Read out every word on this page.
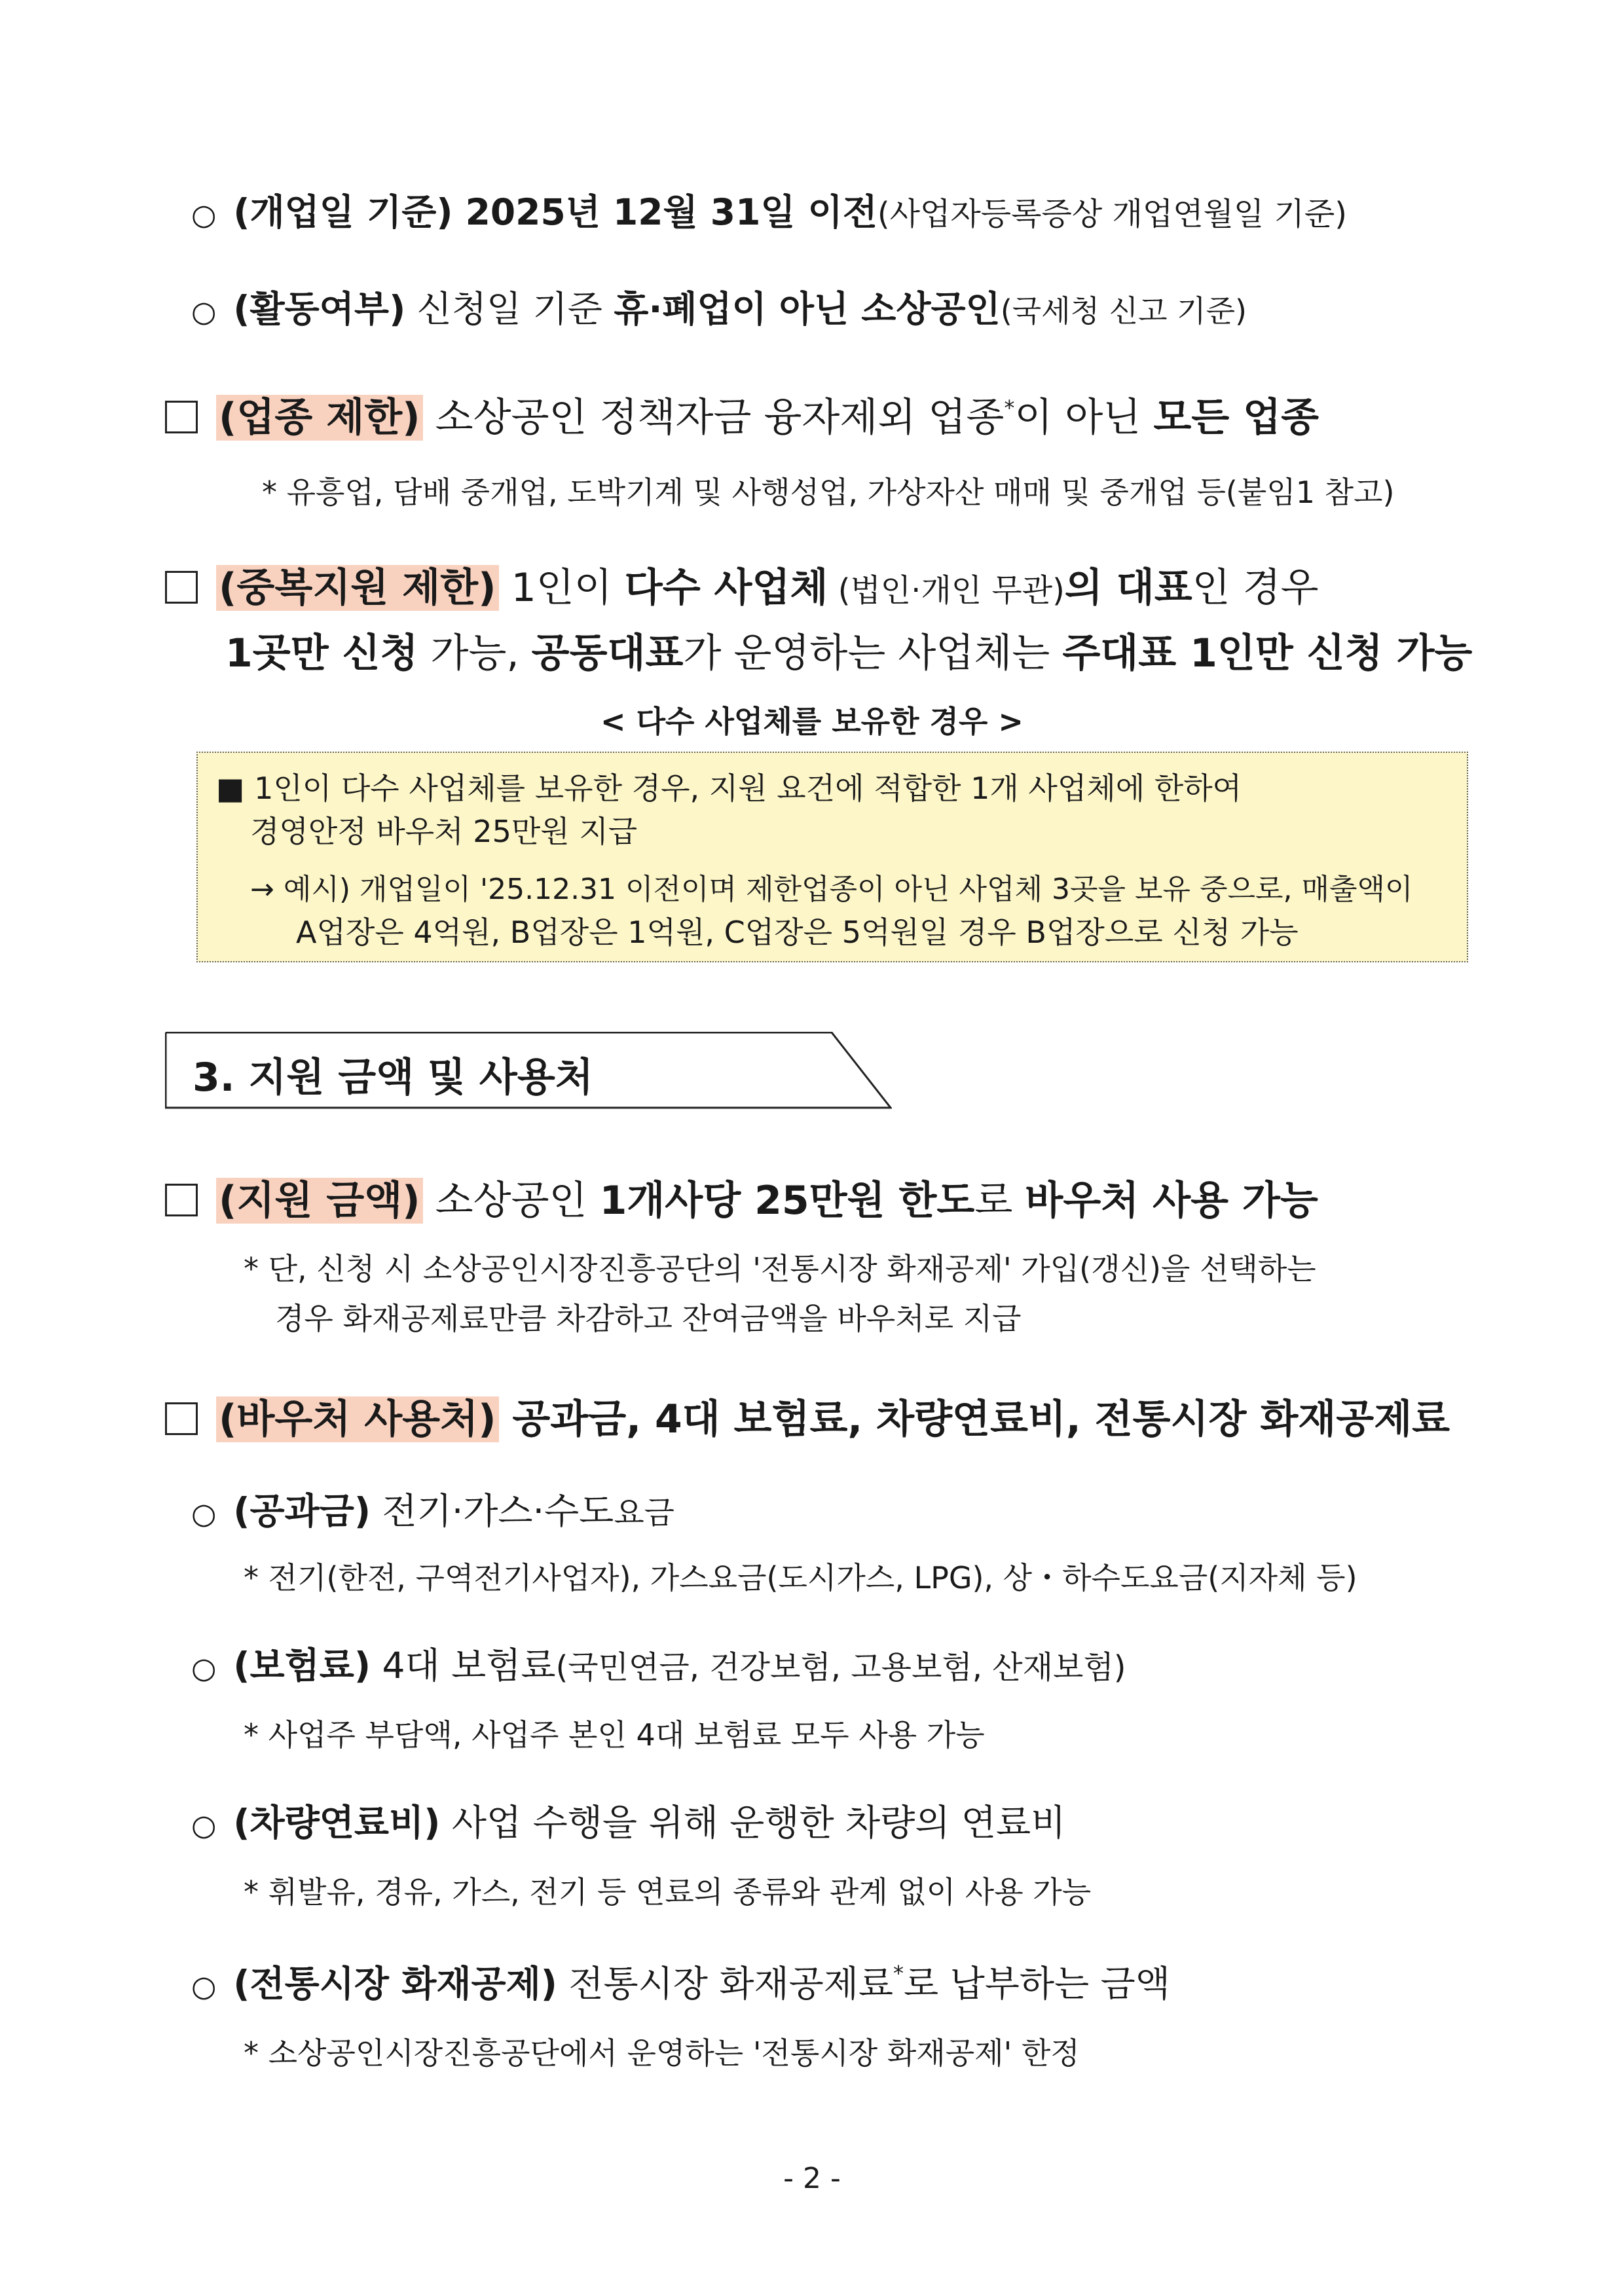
○ (개업일 기준) 2025년 12월 31일 이전(사업자등록증상 개업연월일 기준)
○ (활동여부) 신청일 기준 휴·폐업이 아닌 소상공인(국세청 신고 기준)
(업종 제한) 소상공인 정책자금 융자제외 업종*이 아닌 모든 업종
* 유흥업, 담배 중개업, 도박기계 및 사행성업, 가상자산 매매 및 중개업 등(붙임1 참고)
(중복지원 제한) 1인이 다수 사업체 (법인·개인 무관)의 대표인 경우
1곳만 신청 가능, 공동대표가 운영하는 사업체는 주대표 1인만 신청 가능
< 다수 사업체를 보유한 경우 >
■ 1인이 다수 사업체를 보유한 경우, 지원 요건에 적합한 1개 사업체에 한하여
경영안정 바우처 25만원 지급
→ 예시) 개업일이 '25.12.31 이전이며 제한업종이 아닌 사업체 3곳을 보유 중으로, 매출액이
A업장은 4억원, B업장은 1억원, C업장은 5억원일 경우 B업장으로 신청 가능
3. 지원 금액 및 사용처
(지원 금액) 소상공인 1개사당 25만원 한도로 바우처 사용 가능
* 단, 신청 시 소상공인시장진흥공단의 '전통시장 화재공제' 가입(갱신)을 선택하는
경우 화재공제료만큼 차감하고 잔여금액을 바우처로 지급
(바우처 사용처) 공과금, 4대 보험료, 차량연료비, 전통시장 화재공제료
○ (공과금) 전기·가스·수도요금
* 전기(한전, 구역전기사업자), 가스요금(도시가스, LPG), 상・하수도요금(지자체 등)
○ (보험료) 4대 보험료(국민연금, 건강보험, 고용보험, 산재보험)
* 사업주 부담액, 사업주 본인 4대 보험료 모두 사용 가능
○ (차량연료비) 사업 수행을 위해 운행한 차량의 연료비
* 휘발유, 경유, 가스, 전기 등 연료의 종류와 관계 없이 사용 가능
○ (전통시장 화재공제) 전통시장 화재공제료*로 납부하는 금액
* 소상공인시장진흥공단에서 운영하는 '전통시장 화재공제' 한정
- 2 -
